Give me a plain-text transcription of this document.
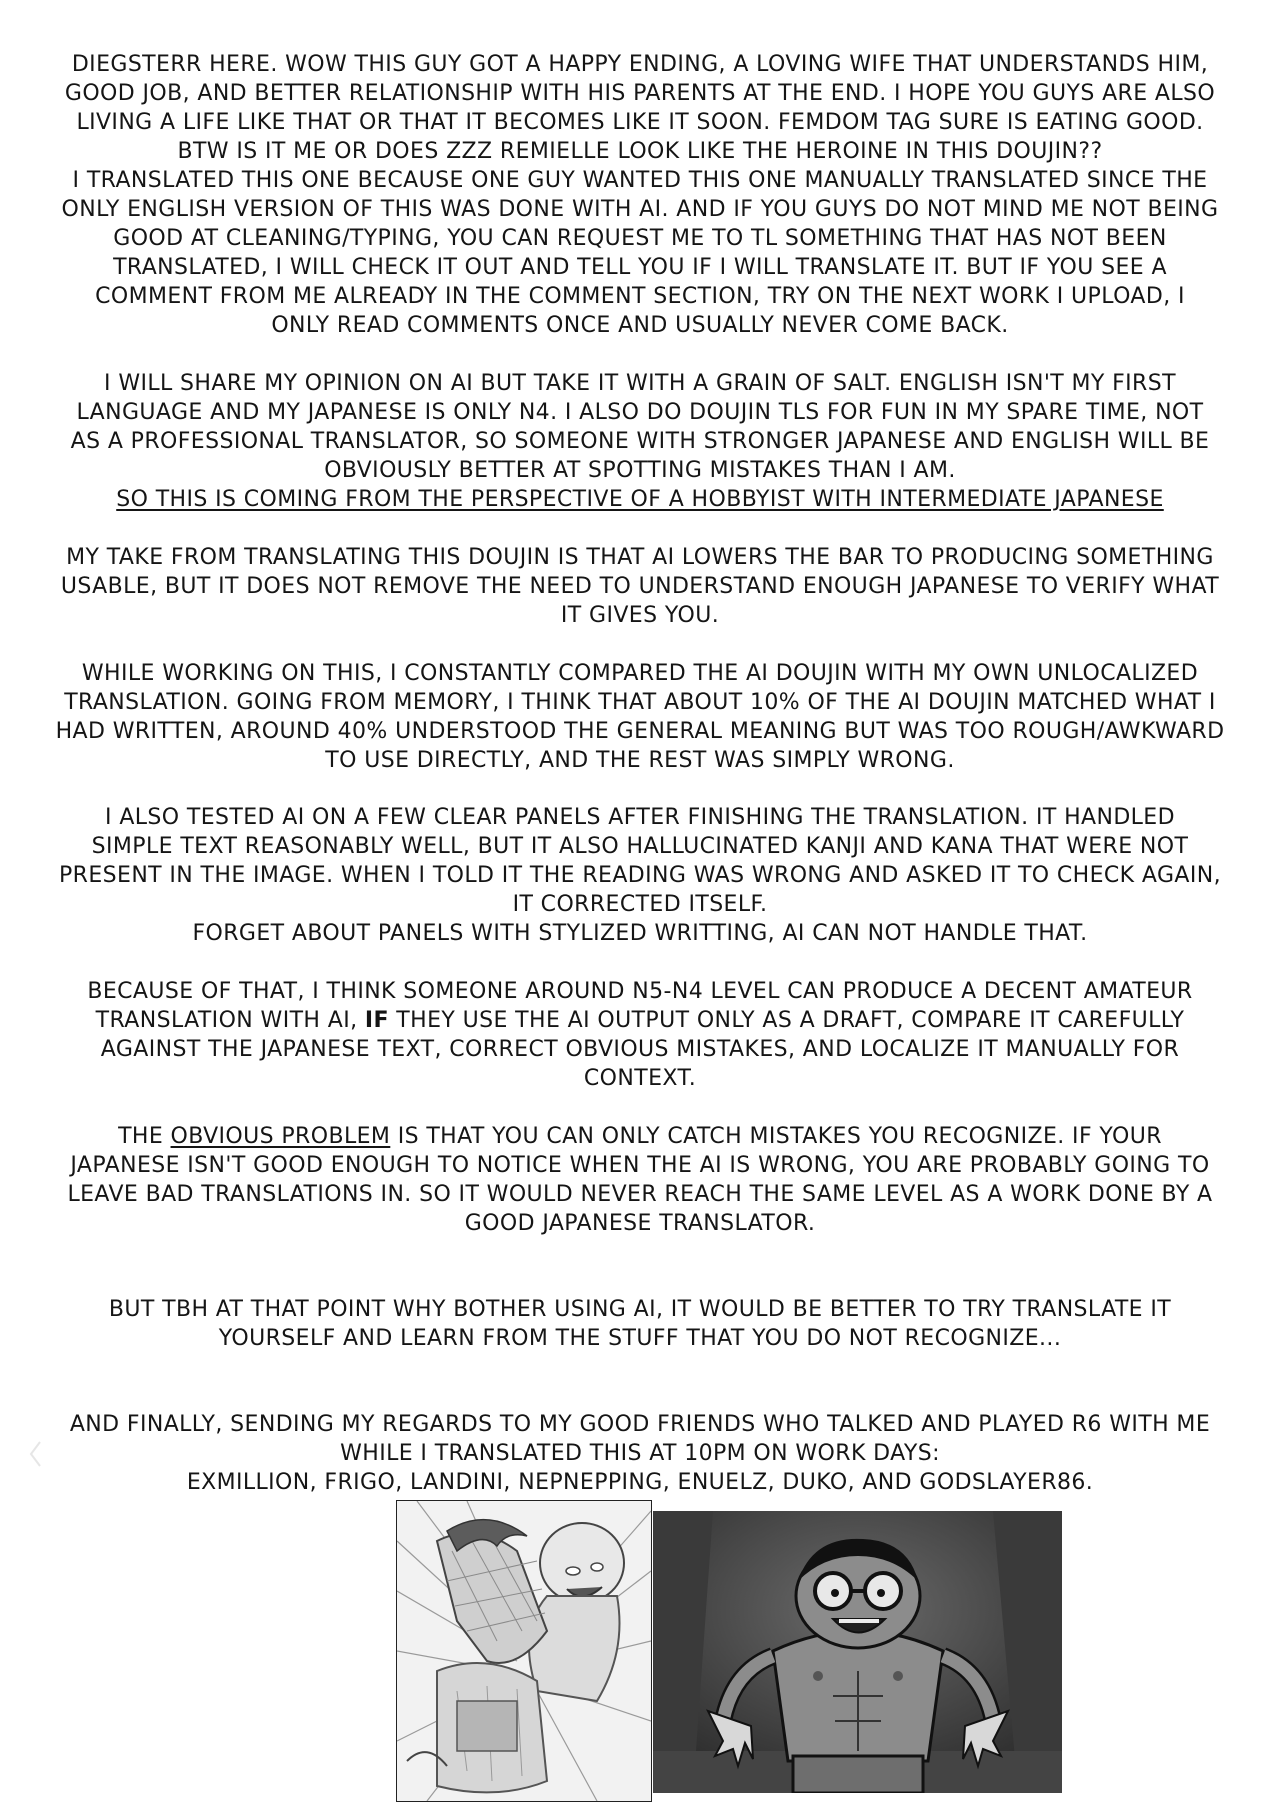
DIEGSTERR HERE. WOW THIS GUY GOT A HAPPY ENDING, A LOVING WIFE THAT UNDERSTANDS HIM,
GOOD JOB, AND BETTER RELATIONSHIP WITH HIS PARENTS AT THE END. I HOPE YOU GUYS ARE ALSO
LIVING A LIFE LIKE THAT OR THAT IT BECOMES LIKE IT SOON. FEMDOM TAG SURE IS EATING GOOD.
BTW IS IT ME OR DOES ZZZ REMIELLE LOOK LIKE THE HEROINE IN THIS DOUJIN??

I TRANSLATED THIS ONE BECAUSE ONE GUY WANTED THIS ONE MANUALLY TRANSLATED SINCE THE
ONLY ENGLISH VERSION OF THIS WAS DONE WITH AI. AND IF YOU GUYS DO NOT MIND ME NOT BEING
GOOD AT CLEANING/TYPING, YOU CAN REQUEST ME TO TL SOMETHING THAT HAS NOT BEEN
TRANSLATED, I WILL CHECK IT OUT AND TELL YOU IF I WILL TRANSLATE IT. BUT IF YOU SEE A
COMMENT FROM ME ALREADY IN THE COMMENT SECTION, TRY ON THE NEXT WORK I UPLOAD, I
ONLY READ COMMENTS ONCE AND USUALLY NEVER COME BACK.

I WILL SHARE MY OPINION ON AI BUT TAKE IT WITH A GRAIN OF SALT. ENGLISH ISN'T MY FIRST
LANGUAGE AND MY JAPANESE IS ONLY N4. I ALSO DO DOUJIN TLS FOR FUN IN MY SPARE TIME, NOT
AS A PROFESSIONAL TRANSLATOR, SO SOMEONE WITH STRONGER JAPANESE AND ENGLISH WILL BE
OBVIOUSLY BETTER AT SPOTTING MISTAKES THAN I AM.
SO THIS IS COMING FROM THE PERSPECTIVE OF A HOBBYIST WITH INTERMEDIATE JAPANESE

MY TAKE FROM TRANSLATING THIS DOUJIN IS THAT AI LOWERS THE BAR TO PRODUCING SOMETHING
USABLE, BUT IT DOES NOT REMOVE THE NEED TO UNDERSTAND ENOUGH JAPANESE TO VERIFY WHAT
IT GIVES YOU.

WHILE WORKING ON THIS, I CONSTANTLY COMPARED THE AI DOUJIN WITH MY OWN UNLOCALIZED
TRANSLATION. GOING FROM MEMORY, I THINK THAT ABOUT 10% OF THE AI DOUJIN MATCHED WHAT I
HAD WRITTEN, AROUND 40% UNDERSTOOD THE GENERAL MEANING BUT WAS TOO ROUGH/AWKWARD
TO USE DIRECTLY, AND THE REST WAS SIMPLY WRONG.

I ALSO TESTED AI ON A FEW CLEAR PANELS AFTER FINISHING THE TRANSLATION. IT HANDLED
SIMPLE TEXT REASONABLY WELL, BUT IT ALSO HALLUCINATED KANJI AND KANA THAT WERE NOT
PRESENT IN THE IMAGE. WHEN I TOLD IT THE READING WAS WRONG AND ASKED IT TO CHECK AGAIN,
IT CORRECTED ITSELF.
FORGET ABOUT PANELS WITH STYLIZED WRITTING, AI CAN NOT HANDLE THAT.

BECAUSE OF THAT, I THINK SOMEONE AROUND N5-N4 LEVEL CAN PRODUCE A DECENT AMATEUR
TRANSLATION WITH AI, IF THEY USE THE AI OUTPUT ONLY AS A DRAFT, COMPARE IT CAREFULLY
AGAINST THE JAPANESE TEXT, CORRECT OBVIOUS MISTAKES, AND LOCALIZE IT MANUALLY FOR
CONTEXT.

THE OBVIOUS PROBLEM IS THAT YOU CAN ONLY CATCH MISTAKES YOU RECOGNIZE. IF YOUR
JAPANESE ISN'T GOOD ENOUGH TO NOTICE WHEN THE AI IS WRONG, YOU ARE PROBABLY GOING TO
LEAVE BAD TRANSLATIONS IN. SO IT WOULD NEVER REACH THE SAME LEVEL AS A WORK DONE BY A
GOOD JAPANESE TRANSLATOR.

BUT TBH AT THAT POINT WHY BOTHER USING AI, IT WOULD BE BETTER TO TRY TRANSLATE IT
YOURSELF AND LEARN FROM THE STUFF THAT YOU DO NOT RECOGNIZE...

AND FINALLY, SENDING MY REGARDS TO MY GOOD FRIENDS WHO TALKED AND PLAYED R6 WITH ME
WHILE I TRANSLATED THIS AT 10PM ON WORK DAYS:
EXMILLION, FRIGO, LANDINI, NEPNEPPING, ENUELZ, DUKO, AND GODSLAYER86.
